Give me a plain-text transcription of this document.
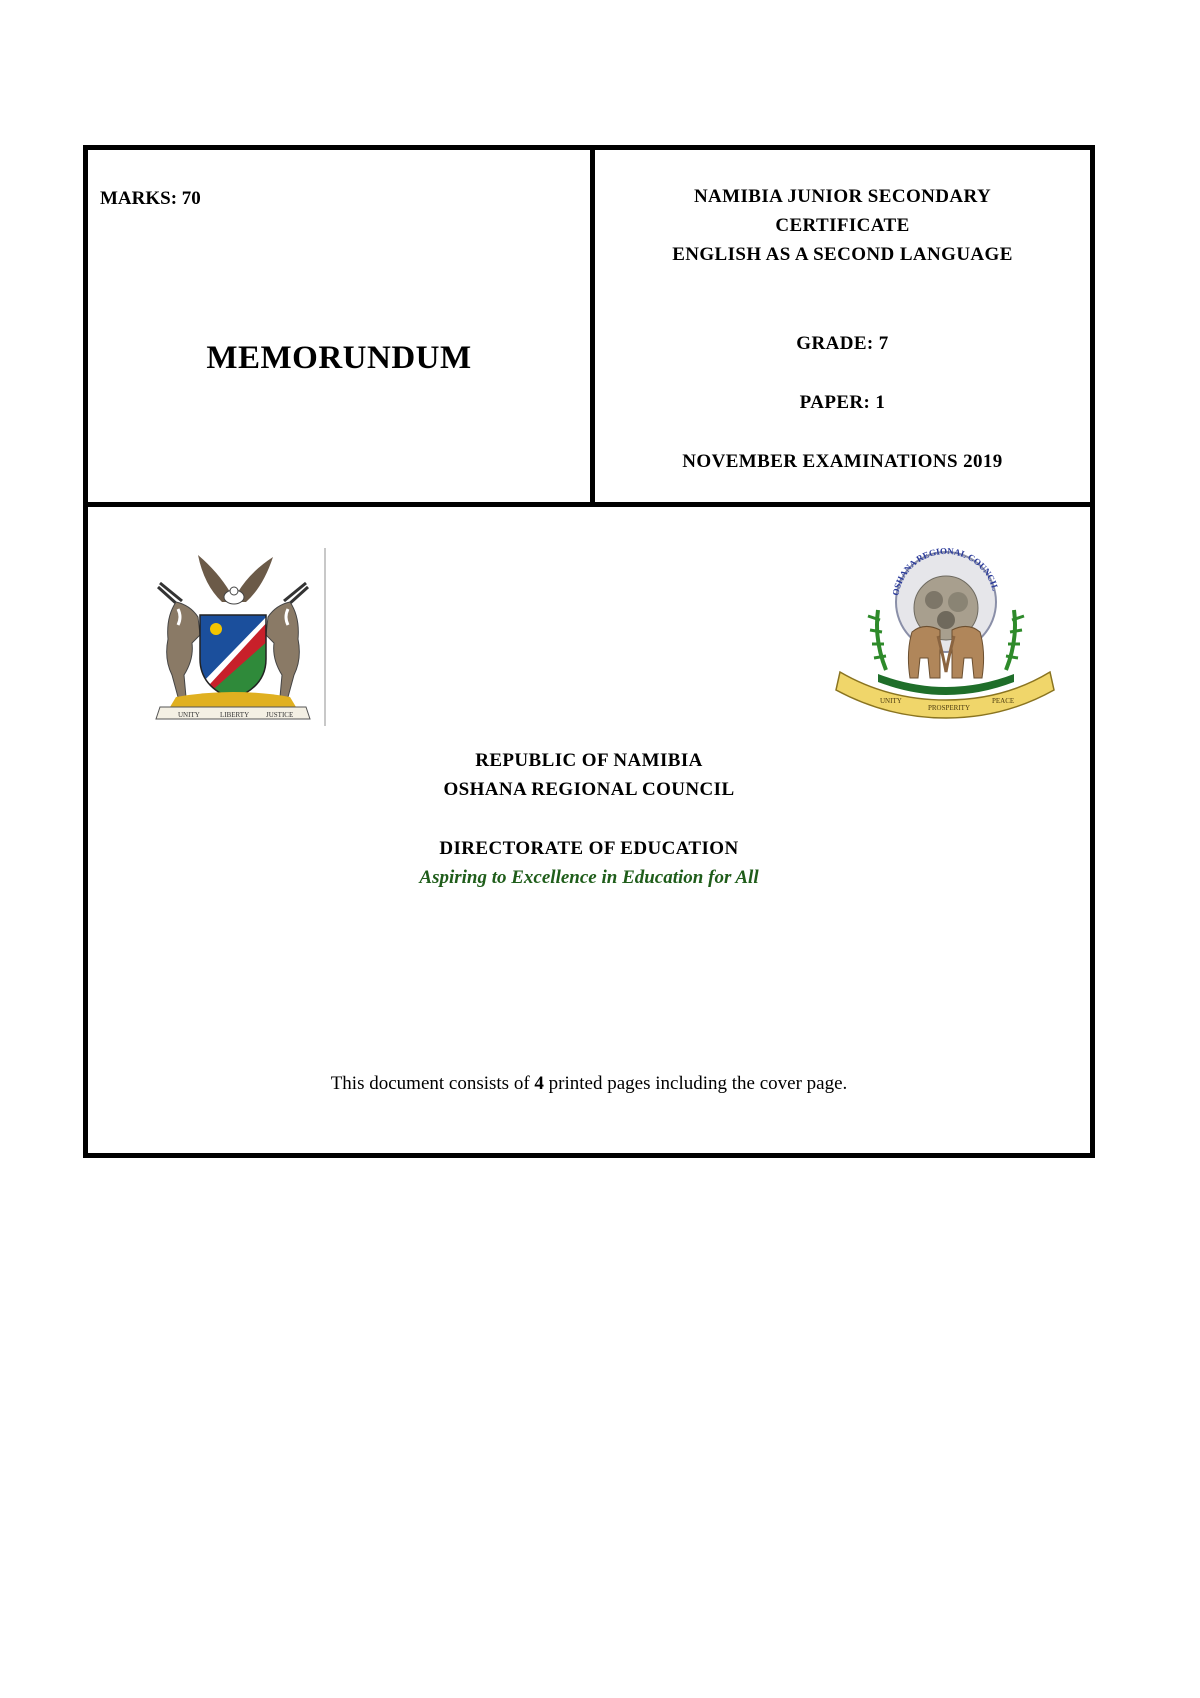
MARKS: 70
MEMORUNDUM
NAMIBIA JUNIOR SECONDARY
CERTIFICATE
ENGLISH AS A SECOND LANGUAGE
GRADE: 7
PAPER: 1
NOVEMBER EXAMINATIONS 2019
UNITY	LIBERTY JUSTICE
OSHANA REGIONAL COUNCIL
UNITY
PROSPERITY
PEACE
REPUBLIC OF NAMIBIA
OSHANA REGIONAL COUNCIL
DIRECTORATE OF EDUCATION
Aspiring to Excellence in Education for All
This document consists of 4 printed pages including the cover page.
